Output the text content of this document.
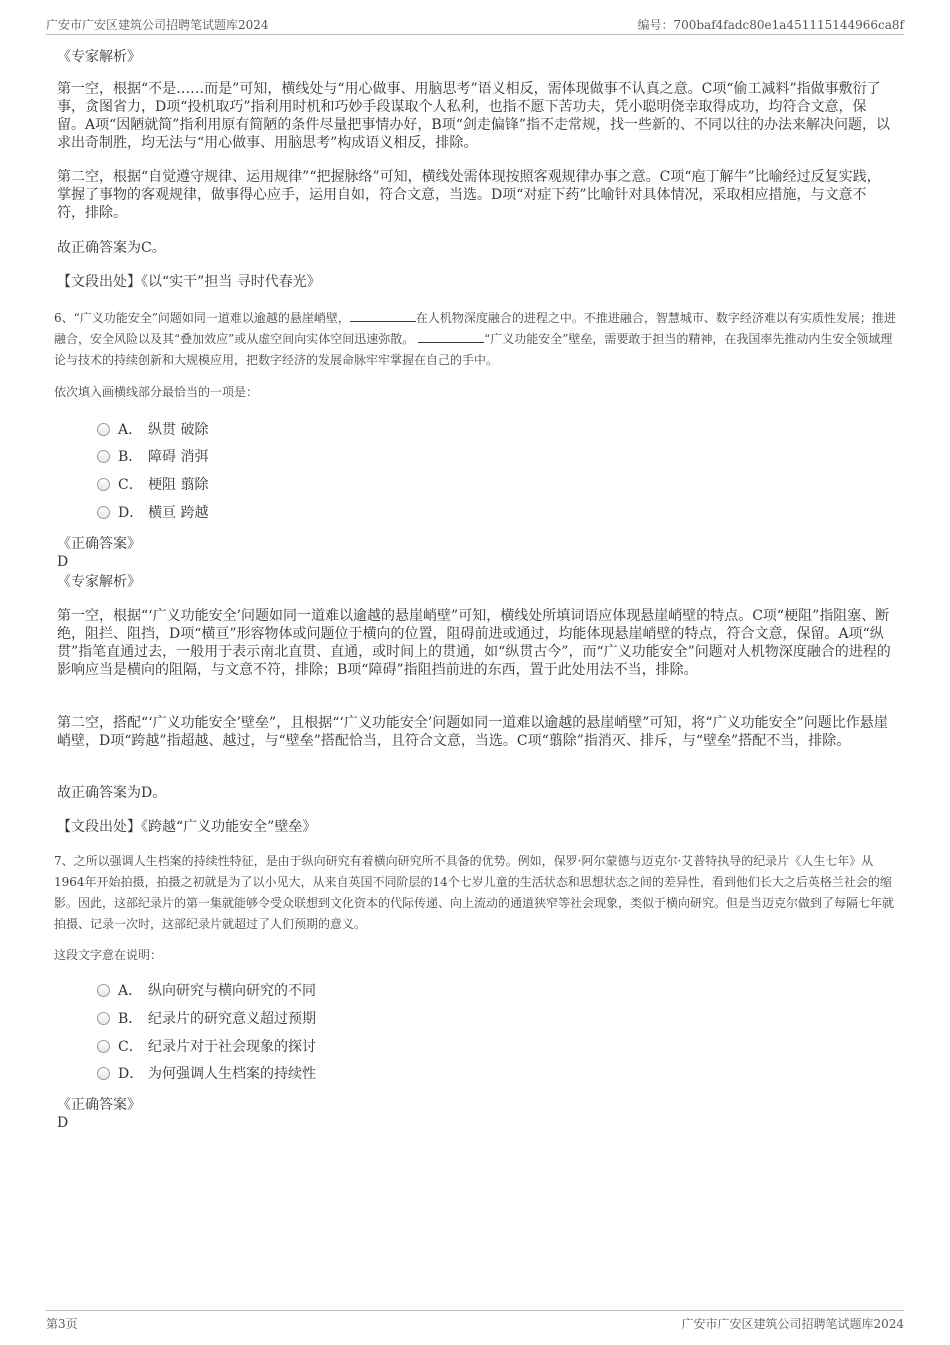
广安市广安区建筑公司招聘笔试题库2024	编号：700baf4fadc80e1a451115144966ca8f
《专家解析》
第一空，根据“不是……而是”可知，横线处与“用心做事、用脑思考”语义相反，需体现做事不认真之意。C项“偷工减料”指做事敷衍了事，贪图省力，D项“投机取巧”指利用时机和巧妙手段谋取个人私利，也指不愿下苦功夫，凭小聪明侥幸取得成功，均符合文意，保留。A项“因陋就简”指利用原有简陋的条件尽量把事情办好，B项“剑走偏锋”指不走常规，找一些新的、不同以往的办法来解决问题，以求出奇制胜，均无法与“用心做事、用脑思考”构成语义相反，排除。
第二空，根据“自觉遵守规律、运用规律”“把握脉络”可知，横线处需体现按照客观规律办事之意。C项“庖丁解牛”比喻经过反复实践，掌握了事物的客观规律，做事得心应手，运用自如，符合文意，当选。D项“对症下药”比喻针对具体情况，采取相应措施，与文意不符，排除。
故正确答案为C。
【文段出处】《以“实干”担当 寻时代春光》
6、“广义功能安全”问题如同一道难以逾越的悬崖峭壁，	在人机物深度融合的进程之中。不推进融合，智慧城市、数字经济难以有实质性发展；推进融合，安全风险以及其“叠加效应”或从虚空间向实体空间迅速弥散。	“广义功能安全”壁垒，需要敢于担当的精神，在我国率先推动内生安全领域理论与技术的持续创新和大规模应用，把数字经济的发展命脉牢牢掌握在自己的手中。
依次填入画横线部分最恰当的一项是：
A． 纵贯 破除
B． 障碍 消弭
C． 梗阻 翦除
D． 横亘 跨越
《正确答案》
D
《专家解析》
第一空，根据“‘广义功能安全’问题如同一道难以逾越的悬崖峭壁”可知，横线处所填词语应体现悬崖峭壁的特点。C项“梗阻”指阻塞、断绝，阻拦、阻挡，D项“横亘”形容物体或问题位于横向的位置，阻碍前进或通过，均能体现悬崖峭壁的特点，符合文意，保留。A项“纵贯”指笔直通过去，一般用于表示南北直贯、直通，或时间上的贯通，如“纵贯古今”，而“广义功能安全”问题对人机物深度融合的进程的影响应当是横向的阻隔，与文意不符，排除；B项“障碍”指阻挡前进的东西，置于此处用法不当，排除。
第二空，搭配“‘广义功能安全’壁垒”，且根据“‘广义功能安全’问题如同一道难以逾越的悬崖峭壁”可知，将“广义功能安全”问题比作悬崖峭壁，D项“跨越”指超越、越过，与“壁垒”搭配恰当，且符合文意，当选。C项“翦除”指消灭、排斥，与“壁垒”搭配不当，排除。
故正确答案为D。
【文段出处】《跨越“广义功能安全”壁垒》
7、之所以强调人生档案的持续性特征，是由于纵向研究有着横向研究所不具备的优势。例如，保罗·阿尔蒙德与迈克尔·艾普特执导的纪录片《人生七年》从1964年开始拍摄，拍摄之初就是为了以小见大，从来自英国不同阶层的14个七岁儿童的生活状态和思想状态之间的差异性，看到他们长大之后英格兰社会的缩影。因此，这部纪录片的第一集就能够令受众联想到文化资本的代际传递、向上流动的通道狭窄等社会现象，类似于横向研究。但是当迈克尔做到了每隔七年就拍摄、记录一次时，这部纪录片就超过了人们预期的意义。
这段文字意在说明：
A． 纵向研究与横向研究的不同
B． 纪录片的研究意义超过预期
C． 纪录片对于社会现象的探讨
D． 为何强调人生档案的持续性
《正确答案》
D
第3页	广安市广安区建筑公司招聘笔试题库2024
